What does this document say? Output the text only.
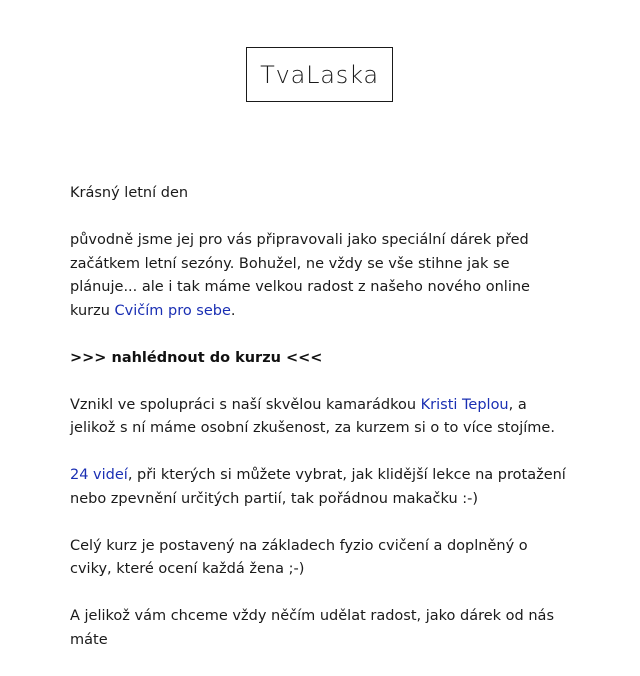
TvaLaska

Krásný letní den

původně jsme jej pro vás připravovali jako speciální dárek před začátkem letní sezóny. Bohužel, ne vždy se vše stihne jak se plánuje... ale i tak máme velkou radost z našeho nového online kurzu Cvičím pro sebe.

>>> nahlédnout do kurzu <<<

Vznikl ve spolupráci s naší skvělou kamarádkou Kristi Teplou, a jelikož s ní máme osobní zkušenost, za kurzem si o to více stojíme.

24 videí, při kterých si můžete vybrat, jak klidější lekce na protažení nebo zpevnění určitých partií, tak pořádnou makačku :-)

Celý kurz je postavený na základech fyzio cvičení a doplněný o cviky, které ocení každá žena ;-)

A jelikož vám chceme vždy něčím udělat radost, jako dárek od nás máte
